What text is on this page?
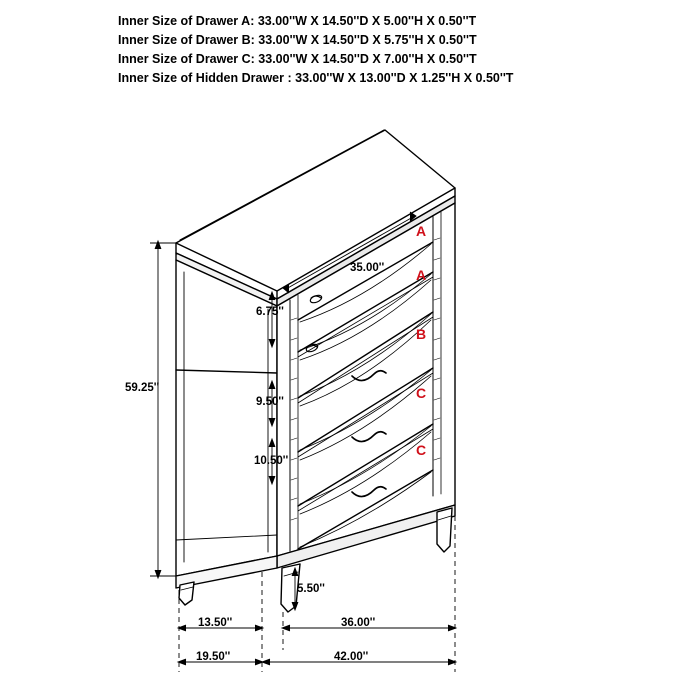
Inner Size of Drawer A: 33.00''W X 14.50''D X 5.00''H X 0.50''T
Inner Size of Drawer B: 33.00''W X 14.50''D X 5.75''H X 0.50''T
Inner Size of Drawer C: 33.00''W X 14.50''D X 7.00''H X 0.50''T
Inner Size of Hidden Drawer : 33.00''W X 13.00''D X 1.25''H X 0.50''T
59.25''
35.00''
6.75''
9.50''
10.50''
5.50''
13.50''	36.00''
19.50''	42.00''
A
A
B
C
C
